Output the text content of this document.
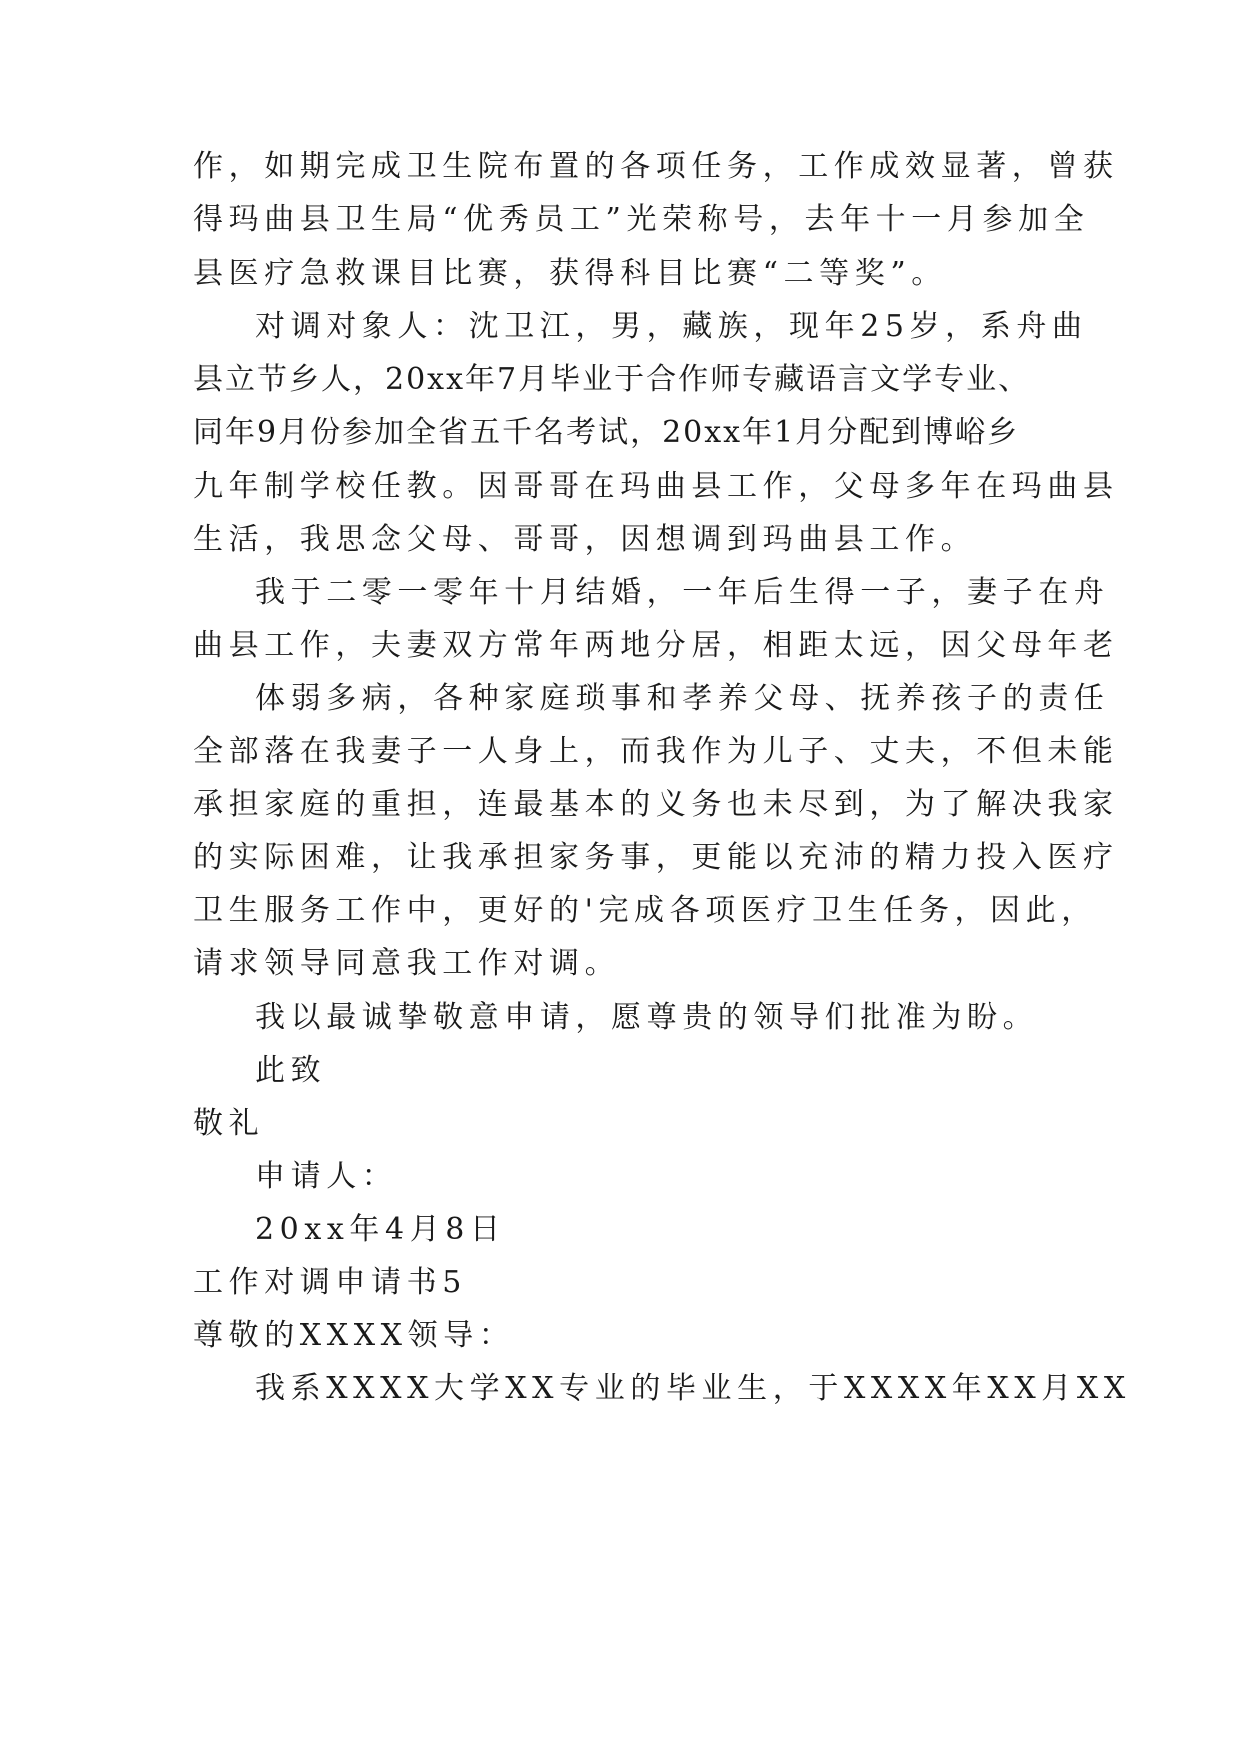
作，如期完成卫生院布置的各项任务，工作成效显著，曾获
得玛曲县卫生局“优秀员工”光荣称号，去年十一月参加全
县医疗急救课目比赛，获得科目比赛“二等奖”。
对调对象人：沈卫江，男，藏族，现年25岁，系舟曲
县立节乡人，20xx年7月毕业于合作师专藏语言文学专业、
同年9月份参加全省五千名考试，20xx年1月分配到博峪乡
九年制学校任教。因哥哥在玛曲县工作，父母多年在玛曲县
生活，我思念父母、哥哥，因想调到玛曲县工作。
我于二零一零年十月结婚，一年后生得一子，妻子在舟
曲县工作，夫妻双方常年两地分居，相距太远，因父母年老
体弱多病，各种家庭琐事和孝养父母、抚养孩子的责任
全部落在我妻子一人身上，而我作为儿子、丈夫，不但未能
承担家庭的重担，连最基本的义务也未尽到，为了解决我家
的实际困难，让我承担家务事，更能以充沛的精力投入医疗
卫生服务工作中，更好的'完成各项医疗卫生任务，因此，
请求领导同意我工作对调。
我以最诚挚敬意申请，愿尊贵的领导们批准为盼。
此致
敬礼
申请人：
20xx年4月8日
工作对调申请书5
尊敬的XXXX领导：
我系XXXX大学XX专业的毕业生，于XXXX年XX月XX
